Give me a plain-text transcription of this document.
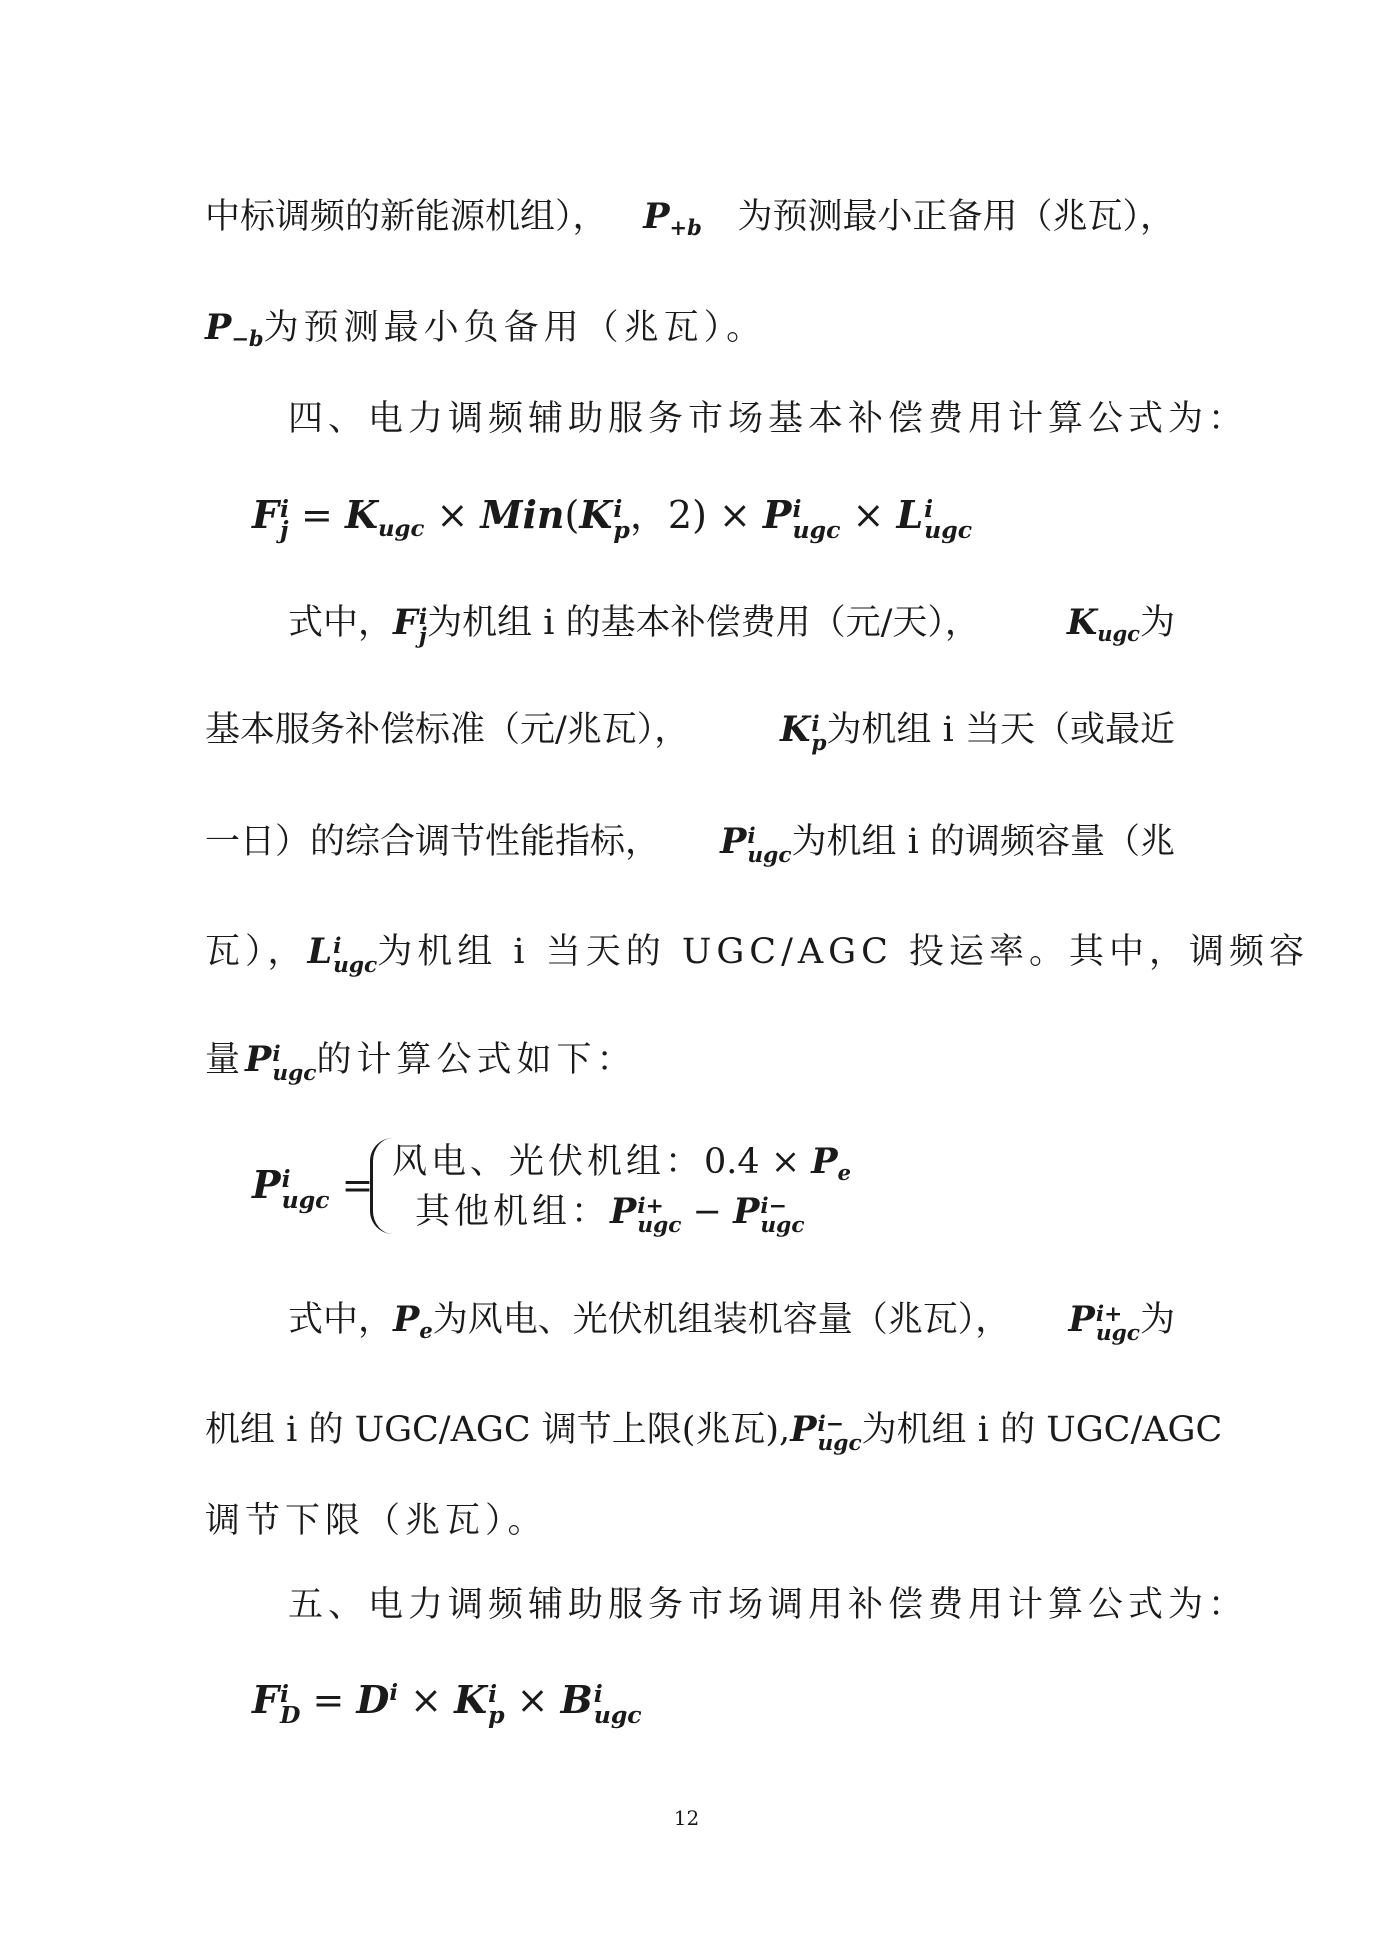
中标调频的新能源机组）， $P_{+b}$ 为预测最小正备用（兆瓦），
$P_{-b}$为预测最小负备用（兆瓦）。
四、电力调频辅助服务市场基本补偿费用计算公式为：
F i
$j = K_{ugc} \times Min(K$ i
p ，2) × P i
ugc × L i
ugc
式中，F i
j 为机组 i 的基本补偿费用（元/天）， $K_{ugc}$为
基本服务补偿标准（元/兆瓦），	K i
p 为机组 i 当天（或最近
一日）的综合调节性能指标， P i
ugc 为机组 i 的调频容量（兆
瓦），L i
ugc 为机组 i 当天的 UGC/AGC 投运率。其中，调频容
量P i
ugc 的计算公式如下：
P i
ugc =
风电、光伏机组：$0.4 \times P_e$
其他机组：P i+
ugc − P i−
ugc
式中，$P_e$为风电、光伏机组装机容量（兆瓦）， P i+
ugc 为
机组 i 的 UGC/AGC 调节上限(兆瓦),P i−
ugc 为机组 i 的 UGC/AGC
调节下限（兆瓦）。
五、电力调频辅助服务市场调用补偿费用计算公式为：
F i
$D = D^i \times K$ i
p × B i
ugc
12
